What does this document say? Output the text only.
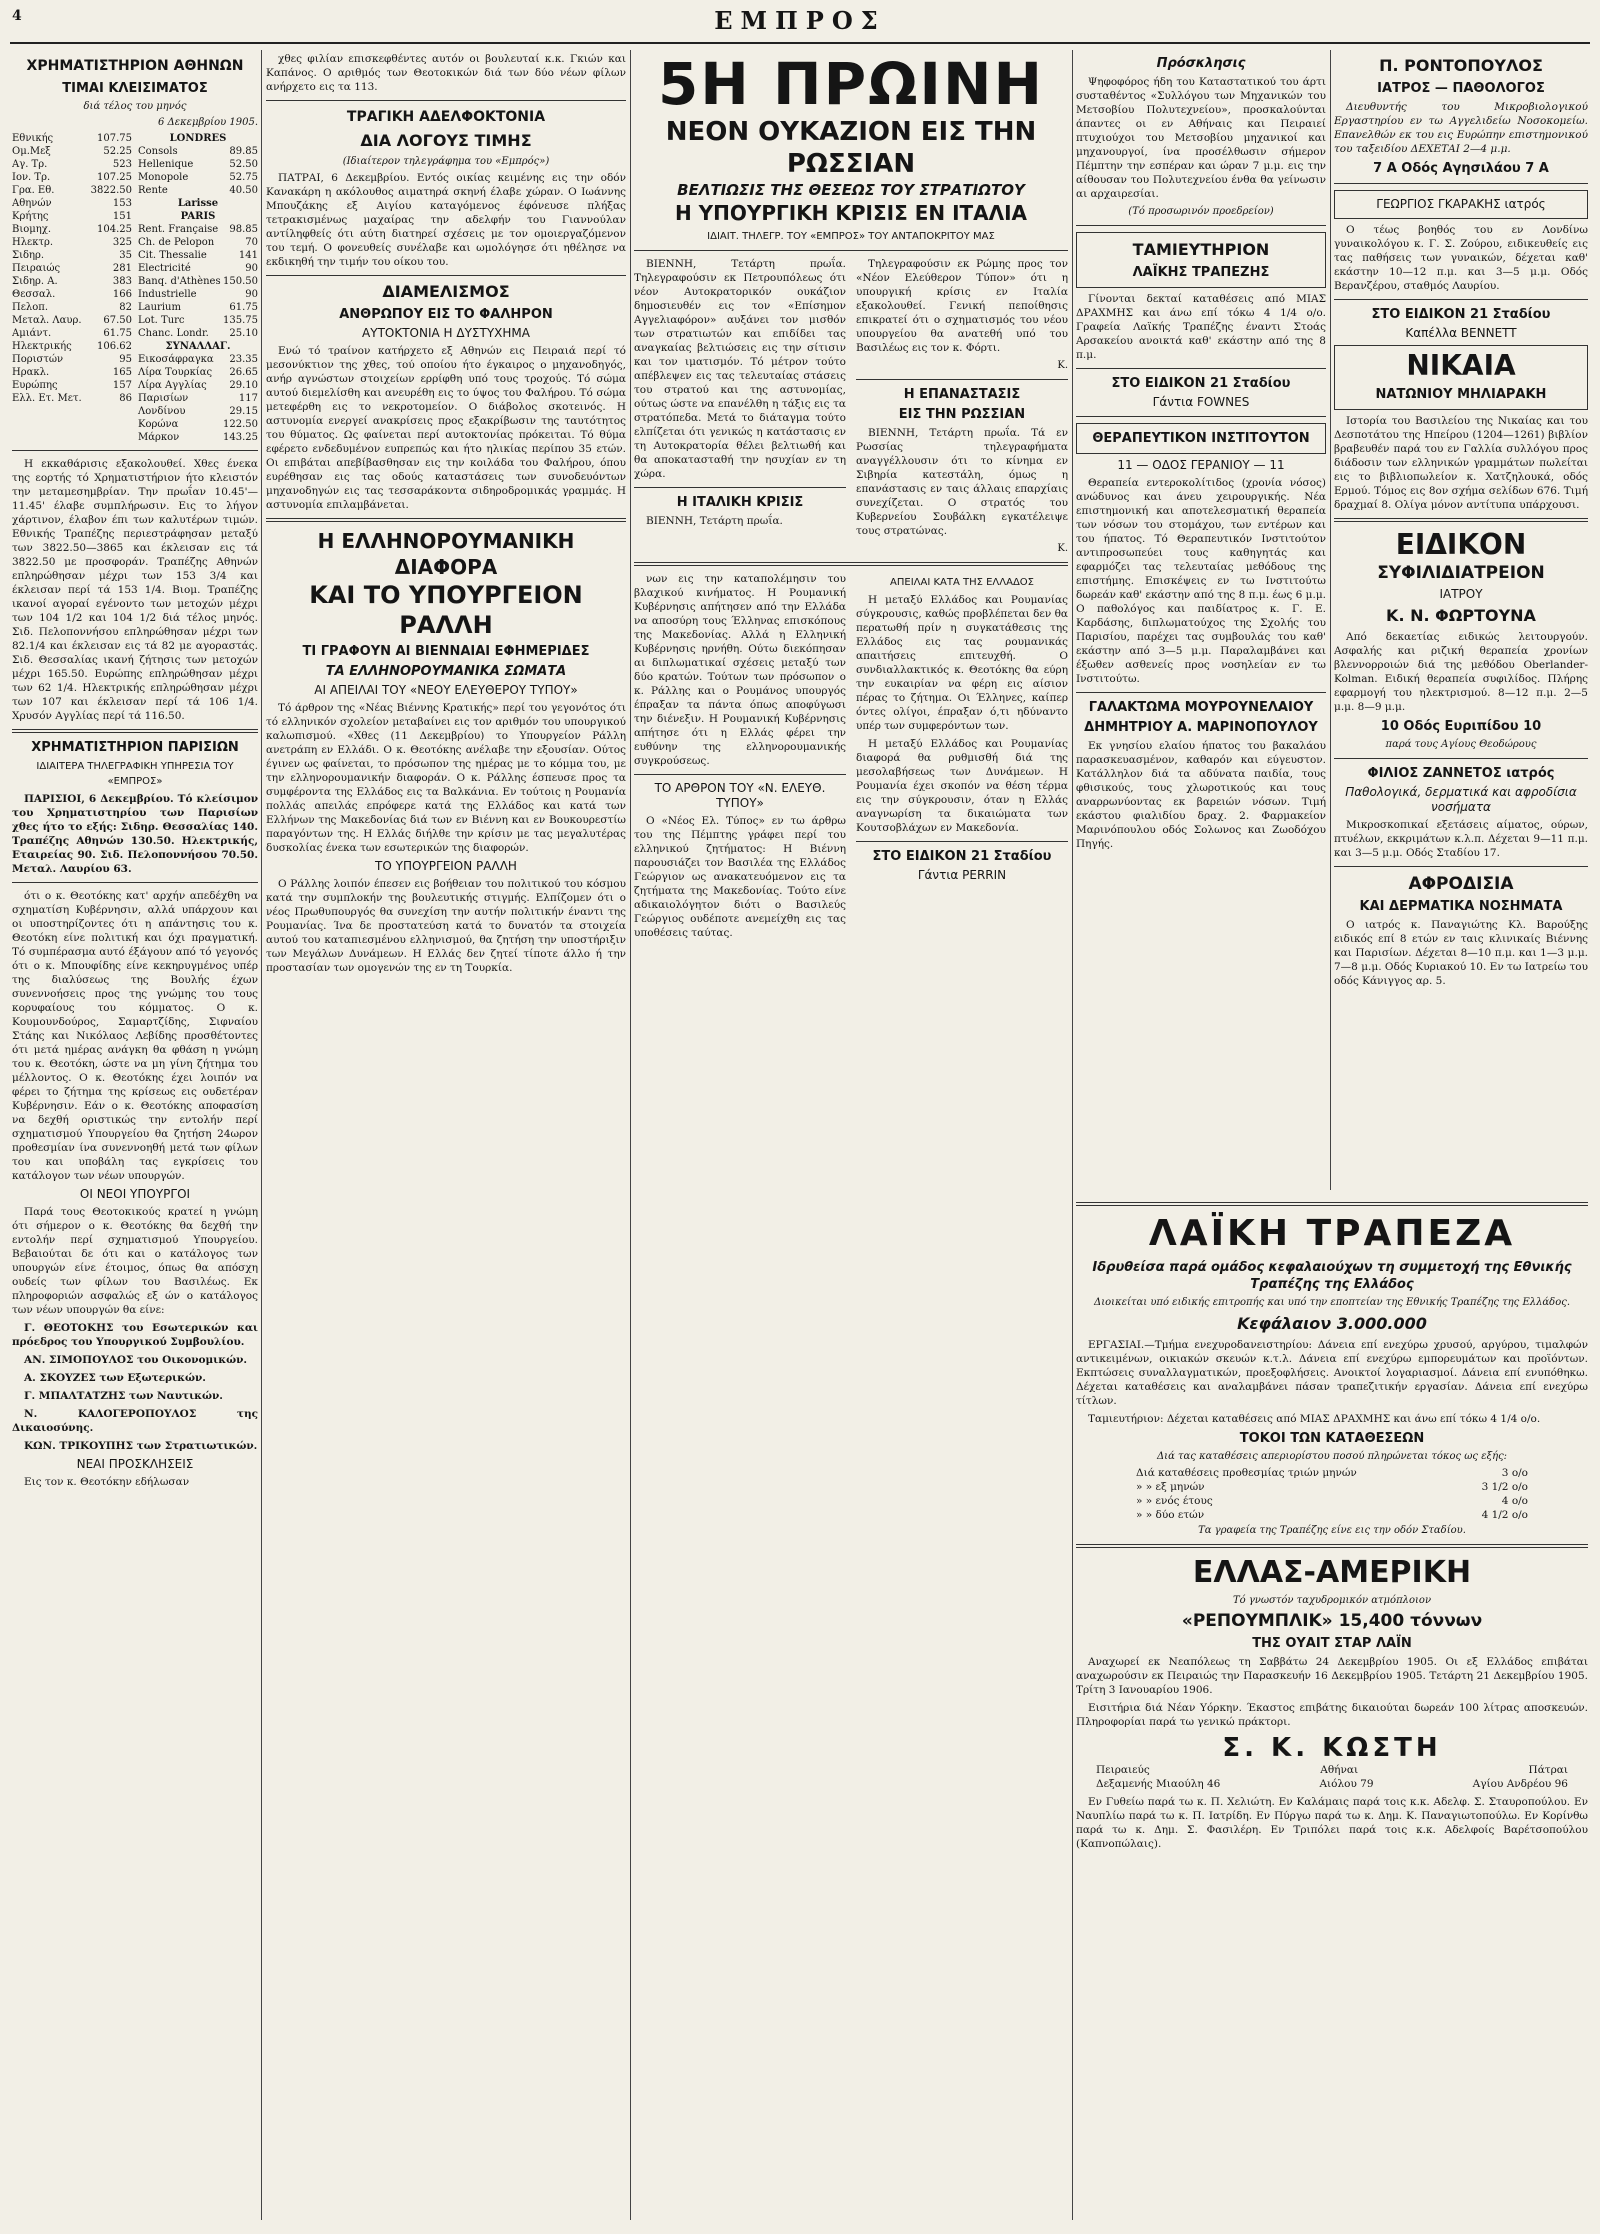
4	ΕΜΠΡΟΣ
ΧΡΗΜΑΤΙΣΤΗΡΙΟΝ ΑΘΗΝΩΝ
ΤΙΜΑΙ ΚΛΕΙΣΙΜΑΤΟΣ
διά τέλος του μηνός
6 Δεκεμβρίου 1905.
Εθνικής	107.75
Ομ.Μεξ	52.25
Αγ. Τρ.	523
Ιον. Τρ.	107.25
Γρα. Εθ.	3822.50
Αθηνών	153
Κρήτης	151
Βιομηχ.	104.25
Ηλεκτρ.	325
Σιδηρ.	35
Πειραιώς	281
Σιδηρ. Α.	383
Θεσσαλ.	166
Πελοπ.	82
Μεταλ. Λαυρ. 67.50
Αμιάντ.	61.75
Ηλεκτρικής	106.62
Ποριστών	95
Ηρακλ.	165
Ευρώπης	157
Ελλ. Ετ. Μετ.	86
LONDRES
Consols	89.85
Hellenique	52.50
Monopole	52.75
Rente	40.50
Larisse
PARIS
Rent. Française 98.85
Ch. de Pelopon	70
Cit. Thessalie	141
Electricité	90
Banq. d'Athènes 150.50
Industrielle	90
Laurium	61.75
Lot. Turc	135.75
Chanc. Londr. 25.10
ΣΥΝΑΛΛΑΓ.
Εικοσάφραγκα 23.35
Λίρα Τουρκίας 26.65
Λίρα Αγγλίας 29.10
Παρισίων	117
Λονδίνου	29.15
Κορώνα	122.50
Μάρκον	143.25

Η εκκαθάρισις εξακολουθεί. Χθες ένεκα της εορτής τό Χρηματιστήριον ήτο κλειστόν την μεταμεσημβρίαν. Την πρωΐαν 10.45'—11.45' έλαβε συμπλήρωσιν. Εις το λήγον χάρτινον, έλαβον έπι των καλυτέρων τιμών. Εθνικής Τραπέζης περιεστράφησαν μεταξύ των 3822.50—3865 και έκλεισαν εις τά 3822.50 με προσφοράν. Τραπέζης Αθηνών επληρώθησαν μέχρι των 153 3/4 και έκλεισαν περί τά 153 1/4. Βιομ. Τραπέζης ικανοί αγοραί εγένοντο των μετοχών μέχρι των 104 1/2 και 104 1/2 διά τέλος μηνός. Σιδ. Πελοποννήσου επληρώθησαν μέχρι των 82.1/4 και έκλεισαν εις τά 82 με αγοραστάς. Σιδ. Θεσσαλίας ικανή ζήτησις των μετοχών μέχρι 165.50. Ευρώπης επληρώθησαν μέχρι των 62 1/4. Ηλεκτρικής επληρώθησαν μέχρι των 107 και έκλεισαν περί τά 106 1/4. Χρυσόν Αγγλίας περί τά 116.50.

ΧΡΗΜΑΤΙΣΤΗΡΙΟΝ ΠΑΡΙΣΙΩΝ
ΙΔΙΑΙΤΕΡΑ ΤΗΛΕΓΡΑΦΙΚΗ ΥΠΗΡΕΣΙΑ ΤΟΥ «ΕΜΠΡΟΣ»

ΠΑΡΙΣΙΟΙ, 6 Δεκεμβρίου. Τό κλείσιμον του Χρηματιστηρίου των Παρισίων χθες ήτο το εξής: Σιδηρ. Θεσσαλίας 140. Τραπέζης Αθηνών 130.50. Ηλεκτρικής, Εταιρείας 90. Σιδ. Πελοποννήσου 70.50. Μεταλ. Λαυρίου 63.

ότι ο κ. Θεοτόκης κατ' αρχήν απεδέχθη να σχηματίση Κυβέρνησιν, αλλά υπάρχουν και οι υποστηρίζοντες ότι η απάντησις του κ. Θεοτόκη είνε πολιτική και όχι πραγματική. Τό συμπέρασμα αυτό έξάγουν από τό γεγονός ότι ο κ. Μπουφίδης είνε κεκηρυγμένος υπέρ της διαλύσεως της Βουλής έχων συνεννοήσεις προς της γνώμης του τους κορυφαίους του κόμματος. Ο κ. Κουμουνδούρος, Σαμαρτζίδης, Σιφναίου Στάης και Νικόλαος Λεβίδης προσθέτοντες ότι μετά ημέρας ανάγκη θα φθάση η γνώμη του κ. Θεοτόκη, ώστε να μη γίνη ζήτημα του μέλλοντος. Ο κ. Θεοτόκης έχει λοιπόν να φέρει το ζήτημα της κρίσεως εις ουδετέραν Κυβέρνησιν. Εάν ο κ. Θεοτόκης αποφασίση να δεχθή οριστικώς την εντολήν περί σχηματισμού Υπουργείου θα ζητήση 24ωρον προθεσμίαν ίνα συνεννοηθή μετά των φίλων του και υποβάλη τας εγκρίσεις του κατάλογον των νέων υπουργών.

ΟΙ ΝΕΟΙ ΥΠΟΥΡΓΟΙ

Παρά τους Θεοτοκικούς κρατεί η γνώμη ότι σήμερον ο κ. Θεοτόκης θα δεχθή την εντολήν περί σχηματισμού Υπουργείου. Βεβαιούται δε ότι και ο κατάλογος των υπουργών είνε έτοιμος, όπως θα απόσχη ουδείς των φίλων του Βασιλέως. Εκ πληροφοριών ασφαλώς εξ ών ο κατάλογος των νέων υπουργών θα είνε:

Γ. ΘΕΟΤΟΚΗΣ του Εσωτερικών και πρόεδρος του Υπουργικού Συμβουλίου.

ΑΝ. ΣΙΜΟΠΟΥΛΟΣ του Οικονομικών.

Α. ΣΚΟΥΖΕΣ των Εξωτερικών.

Γ. ΜΠΑΛΤΑΤΖΗΣ των Ναυτικών.

Ν. ΚΑΛΟΓΕΡΟΠΟΥΛΟΣ της Δικαιοσύνης.

ΚΩΝ. ΤΡΙΚΟΥΠΗΣ των Στρατιωτικών.

ΝΕΑΙ ΠΡΟΣΚΛΗΣΕΙΣ

Εις τον κ. Θεοτόκην εδήλωσαν

χθες φιλίαν επισκεφθέντες αυτόν οι βουλευταί κ.κ. Γκιών και Καπάνος. Ο αριθμός των Θεοτοκικών διά των δύο νέων φίλων ανήρχετο εις τα 113.

ΤΡΑΓΙΚΗ ΑΔΕΛΦΟΚΤΟΝΙΑ
ΔΙΑ ΛΟΓΟΥΣ ΤΙΜΗΣ
(Ιδιαίτερον τηλεγράφημα του «Εμπρός»)

ΠΑΤΡΑΙ, 6 Δεκεμβρίου. Εντός οικίας κειμένης εις την οδόν Κανακάρη η ακόλουθος αιματηρά σκηνή έλαβε χώραν. Ο Ιωάννης Μπουζάκης εξ Αιγίου καταγόμενος έφόνευσε πλήξας τετρακισμένως μαχαίρας την αδελφήν του Γιαννούλαν αντίληφθείς ότι αύτη διατηρεί σχέσεις με τον ομοιεργαζόμενον του τεμή. Ο φονευθείς συνέλαβε και ωμολόγησε ότι ηθέλησε να εκδικηθή την τιμήν του οίκου του.

ΔΙΑΜΕΛΙΣΜΟΣ
ΑΝΘΡΩΠΟΥ ΕΙΣ ΤΟ ΦΑΛΗΡΟΝ
ΑΥΤΟΚΤΟΝΙΑ Η ΔΥΣΤΥΧΗΜΑ

Ενώ τό τραίνον κατήρχετο εξ Αθηνών εις Πειραιά περί τό μεσονύκτιον της χθες, τού οποίου ήτο έγκαιρος ο μηχανοδηγός, ανήρ αγνώστων στοιχείων ερρίφθη υπό τους τροχούς. Τό σώμα αυτού διεμελίσθη και ανευρέθη εις το ύψος του Φαλήρου. Τό σώμα μετεφέρθη εις το νεκροτομείον. Ο διάβολος σκοτεινός. Η αστυνομία ενεργεί ανακρίσεις προς εξακρίβωσιν της ταυτότητος του θύματος. Ως φαίνεται περί αυτοκτονίας πρόκειται. Τό θύμα εφέρετο ενδεδυμένον ευπρεπώς και ήτο ηλικίας περίπου 35 ετών. Οι επιβάται απεβίβασθησαν εις την κοιλάδα του Φαλήρου, όπου ευρέθησαν εις τας οδούς καταστάσεις των συνοδευόντων μηχανοδηγών εις τας τεσσαράκοντα σιδηροδρομικάς γραμμάς. Η αστυνομία επιλαμβάνεται.

Η ΕΛΛΗΝΟΡΟΥΜΑΝΙΚΗ ΔΙΑΦΟΡΑ
ΚΑΙ ΤΟ ΥΠΟΥΡΓΕΙΟΝ ΡΑΛΛΗ
ΤΙ ΓΡΑΦΟΥΝ ΑΙ ΒΙΕΝΝΑΙΑΙ ΕΦΗΜΕΡΙΔΕΣ
ΤΑ ΕΛΛΗΝΟΡΟΥΜΑΝΙΚΑ ΣΩΜΑΤΑ
ΑΙ ΑΠΕΙΛΑΙ ΤΟΥ «ΝΕΟΥ ΕΛΕΥΘΕΡΟΥ ΤΥΠΟΥ»

Τό άρθρον της «Νέας Βιέννης Κρατικής» περί του γεγονότος ότι τό ελληνικόν σχολείον μεταβαίνει εις τον αριθμόν του υπουργικού καλωπισμού. «Χθες (11 Δεκεμβρίου) το Υπουργείον Ράλλη ανετράπη εν Ελλάδι. Ο κ. Θεοτόκης ανέλαβε την εξουσίαν. Ούτος έγινεν ως φαίνεται, το πρόσωπον της ημέρας με το κόμμα του, με την ελληνορουμανικήν διαφοράν. Ο κ. Ράλλης έσπευσε προς τα συμφέροντα της Ελλάδος εις τα Βαλκάνια. Εν τούτοις η Ρουμανία πολλάς απειλάς επρόφερε κατά της Ελλάδος και κατά των Ελλήνων της Μακεδονίας διά των εν Βιέννη και εν Βουκουρεστίω παραγόντων της. Η Ελλάς διήλθε την κρίσιν με τας μεγαλυτέρας δυσκολίας ένεκα των εσωτερικών της διαφορών.

ΤΟ ΥΠΟΥΡΓΕΙΟΝ ΡΑΛΛΗ

Ο Ράλλης λοιπόν έπεσεν εις βοήθειαν του πολιτικού του κόσμου κατά την συμπλοκήν της βουλευτικής στιγμής. Ελπίζομεν ότι ο νέος Πρωθυπουργός θα συνεχίση την αυτήν πολιτικήν έναντι της Ρουμανίας. Ίνα δε προστατεύση κατά το δυνατόν τα στοιχεία αυτού του καταπιεσμένου ελληνισμού, θα ζητήση την υποστήριξιν των Μεγάλων Δυνάμεων. Η Ελλάς δεν ζητεί τίποτε άλλο ή την προστασίαν των ομογενών της εν τη Τουρκία.

5Η ΠΡΩΙΝΗ
ΝΕΟΝ ΟΥΚΑΖΙΟΝ ΕΙΣ ΤΗΝ ΡΩΣΣΙΑΝ
ΒΕΛΤΙΩΣΙΣ ΤΗΣ ΘΕΣΕΩΣ ΤΟΥ ΣΤΡΑΤΙΩΤΟΥ
Η ΥΠΟΥΡΓΙΚΗ ΚΡΙΣΙΣ ΕΝ ΙΤΑΛΙΑ
ΙΔΙΑΙΤ. ΤΗΛΕΓΡ. ΤΟΥ «ΕΜΠΡΟΣ» ΤΟΥ ΑΝΤΑΠΟΚΡΙΤΟΥ ΜΑΣ

ΒΙΕΝΝΗ, Τετάρτη πρωΐα. Τηλεγραφούσιν εκ Πετρουπόλεως ότι νέον Αυτοκρατορικόν ουκάζιον δημοσιευθέν εις τον «Επίσημον Αγγελιαφόρον» αυξάνει τον μισθόν των στρατιωτών και επιδίδει τας αναγκαίας βελτιώσεις εις την σίτισιν και τον ιματισμόν. Τό μέτρον τούτο απέβλεψεν εις τας τελευταίας στάσεις του στρατού και της αστυνομίας, ούτως ώστε να επανέλθη η τάξις εις τα στρατόπεδα. Μετά το διάταγμα τούτο ελπίζεται ότι γενικώς η κατάστασις εν τη Αυτοκρατορία θέλει βελτιωθή και θα αποκατασταθή την ησυχίαν εν τη χώρα.

Η ΙΤΑΛΙΚΗ ΚΡΙΣΙΣ

ΒΙΕΝΝΗ, Τετάρτη πρωΐα.

Τηλεγραφούσιν εκ Ρώμης προς τον «Νέον Ελεύθερον Τύπον» ότι η υπουργική κρίσις εν Ιταλία εξακολουθεί. Γενική πεποίθησις επικρατεί ότι ο σχηματισμός του νέου υπουργείου θα ανατεθή υπό του Βασιλέως εις τον κ. Φόρτι.

Κ.
Η ΕΠΑΝΑΣΤΑΣΙΣ
ΕΙΣ ΤΗΝ ΡΩΣΣΙΑΝ

ΒΙΕΝΝΗ, Τετάρτη πρωΐα. Τά εν Ρωσσίας τηλεγραφήματα αναγγέλλουσιν ότι το κίνημα εν Σιβηρία κατεστάλη, όμως η επανάστασις εν ταις άλλαις επαρχίαις συνεχίζεται. Ο στρατός του Κυβερνείου Σουβάλκη εγκατέλειψε τους στρατώνας.

Κ.

νων εις την καταπολέμησιν του βλαχικού κινήματος. Η Ρουμανική Κυβέρνησις απήτησεν από την Ελλάδα να αποσύρη τους Έλληνας επισκόπους της Μακεδονίας. Αλλά η Ελληνική Κυβέρνησις ηρνήθη. Ούτω διεκόπησαν αι διπλωματικαί σχέσεις μεταξύ των δύο κρατών. Τούτων των πρόσωπον ο κ. Ράλλης και ο Ρουμάνος υπουργός έπραξαν τα πάντα όπως αποφύγωσι την διένεξιν. Η Ρουμανική Κυβέρνησις απήτησε ότι η Ελλάς φέρει την ευθύνην της ελληνορουμανικής συγκρούσεως.

ΤΟ ΑΡΘΡΟΝ ΤΟΥ «Ν. ΕΛΕΥΘ. ΤΥΠΟΥ»

Ο «Νέος Ελ. Τύπος» εν τω άρθρω του της Πέμπτης γράφει περί του ελληνικού ζητήματος: Η Βιέννη παρουσιάζει τον Βασιλέα της Ελλάδος Γεώργιον ως ανακατευόμενον εις τα ζητήματα της Μακεδονίας. Τούτο είνε αδικαιολόγητον διότι ο Βασιλεύς Γεώργιος ουδέποτε ανεμείχθη εις τας υποθέσεις ταύτας.

ΑΠΕΙΛΑΙ ΚΑΤΑ ΤΗΣ ΕΛΛΑΔΟΣ

Η μεταξύ Ελλάδος και Ρουμανίας σύγκρουσις, καθώς προβλέπεται δεν θα περατωθή πρίν η συγκατάθεσις της Ελλάδος εις τας ρουμανικάς απαιτήσεις επιτευχθή. Ο συνδιαλλακτικός κ. Θεοτόκης θα εύρη την ευκαιρίαν να φέρη εις αίσιον πέρας το ζήτημα. Οι Έλληνες, καίπερ όντες ολίγοι, έπραξαν ό,τι ηδύναντο υπέρ των συμφερόντων των.

Η μεταξύ Ελλάδος και Ρουμανίας διαφορά θα ρυθμισθή διά της μεσολαβήσεως των Δυνάμεων. Η Ρουμανία έχει σκοπόν να θέση τέρμα εις την σύγκρουσιν, όταν η Ελλάς αναγνωρίση τα δικαιώματα των Κουτσοβλάχων εν Μακεδονία.

ΣΤΟ ΕΙΔΙΚΟΝ 21 Σταδίου
Γάντια PERRIN
Πρόσκλησις

Ψηφοφόρος ήδη του Καταστατικού του άρτι συσταθέντος «Συλλόγου των Μηχανικών του Μετσοβίου Πολυτεχνείου», προσκαλούνται άπαντες οι εν Αθήναις και Πειραιεί πτυχιούχοι του Μετσοβίου μηχανικοί και μηχανουργοί, ίνα προσέλθωσιν σήμερον Πέμπτην την εσπέραν και ώραν 7 μ.μ. εις την αίθουσαν του Πολυτεχνείου ένθα θα γείνωσιν αι αρχαιρεσίαι.

(Τό προσωρινόν προεδρείον)
ΤΑΜΙΕΥΤΗΡΙΟΝ
ΛΑΪΚΗΣ ΤΡΑΠΕΖΗΣ

Γίνονται δεκταί καταθέσεις από ΜΙΑΣ ΔΡΑΧΜΗΣ και άνω επί τόκω 4 1/4 ο/ο. Γραφεία Λαϊκής Τραπέζης έναντι Στοάς Αρσακείου ανοικτά καθ' εκάστην από της 8 π.μ.

ΣΤΟ ΕΙΔΙΚΟΝ 21 Σταδίου
Γάντια FOWNES
ΘΕΡΑΠΕΥΤΙΚΟΝ ΙΝΣΤΙΤΟΥΤΟΝ
11 — ΟΔΟΣ ΓΕΡΑΝΙΟΥ — 11

Θεραπεία εντεροκολίτιδος (χρονία νόσος) ανώδυνος και άνευ χειρουργικής. Νέα επιστημονική και αποτελεσματική θεραπεία των νόσων του στομάχου, των εντέρων και του ήπατος. Τό Θεραπευτικόν Ινστιτούτον αντιπροσωπεύει τους καθηγητάς και εφαρμόζει τας τελευταίας μεθόδους της επιστήμης. Επισκέψεις εν τω Ινστιτούτω δωρεάν καθ' εκάστην από της 8 π.μ. έως 6 μ.μ. Ο παθολόγος και παιδίατρος κ. Γ. Ε. Καρδάσης, διπλωματούχος της Σχολής του Παρισίου, παρέχει τας συμβουλάς του καθ' εκάστην από 3—5 μ.μ. Παραλαμβάνει και έξωθεν ασθενείς προς νοσηλείαν εν τω Ινστιτούτω.

ΓΑΛΑΚΤΩΜΑ ΜΟΥΡΟΥΝΕΛΑΙΟΥ
ΔΗΜΗΤΡΙΟΥ Α. ΜΑΡΙΝΟΠΟΥΛΟΥ

Εκ γνησίου ελαίου ήπατος του βακαλάου παρασκευασμένον, καθαρόν και εύγευστον. Κατάλληλον διά τα αδύνατα παιδία, τους φθισικούς, τους χλωροτικούς και τους αναρρωνύοντας εκ βαρειών νόσων. Τιμή εκάστου φιαλιδίου δραχ. 2. Φαρμακείον Μαρινόπουλου οδός Σολωνος και Ζωοδόχου Πηγής.

Π. ΡΟΝΤΟΠΟΥΛΟΣ
ΙΑΤΡΟΣ — ΠΑΘΟΛΟΓΟΣ

Διευθυντής του Μικροβιολογικού Εργαστηρίου εν τω Αγγελιδείω Νοσοκομείω. Επανελθών εκ του εις Ευρώπην επιστημονικού του ταξειδίου ΔΕΧΕΤΑΙ 2—4 μ.μ.

7 Α Οδός Αγησιλάου 7 Α
ΓΕΩΡΓΙΟΣ ΓΚΑΡΑΚΗΣ ιατρός

Ο τέως βοηθός του εν Λονδίνω γυναικολόγου κ. Γ. Σ. Ζούρου, ειδικευθείς εις τας παθήσεις των γυναικών, δέχεται καθ' εκάστην 10—12 π.μ. και 3—5 μ.μ. Οδός Βερανζέρου, σταθμός Λαυρίου.

ΣΤΟ ΕΙΔΙΚΟΝ 21 Σταδίου
Καπέλλα BENNETT
ΝΙΚΑΙΑ
ΝΑΤΩΝΙΟΥ ΜΗΛΙΑΡΑΚΗ

Ιστορία του Βασιλείου της Νικαίας και του Δεσποτάτου της Ηπείρου (1204—1261) βιβλίον βραβευθέν παρά του εν Γαλλία συλλόγου προς διάδοσιν των ελληνικών γραμμάτων πωλείται εις το βιβλιοπωλείον κ. Χατζηλουκά, οδός Ερμού. Τόμος εις 8ον σχήμα σελίδων 676. Τιμή δραχμαί 8. Ολίγα μόνον αντίτυπα υπάρχουσι.

ΕΙΔΙΚΟΝ
ΣΥΦΙΛΙΔΙΑΤΡΕΙΟΝ
ΙΑΤΡΟΥ
Κ. Ν. ΦΩΡΤΟΥΝΑ

Από δεκαετίας ειδικώς λειτουργούν. Ασφαλής και ριζική θεραπεία χρονίων βλεννορροιών διά της μεθόδου Oberlander-Kolman. Ειδική θεραπεία συφιλίδος. Πλήρης εφαρμογή του ηλεκτρισμού. 8—12 π.μ. 2—5 μ.μ. 8—9 μ.μ.

10 Οδός Ευριπίδου 10
παρά τους Αγίους Θεοδώρους
ΦΙΛΙΟΣ ΖΑΝΝΕΤΟΣ ιατρός
Παθολογικά, δερματικά και αφροδίσια νοσήματα

Μικροσκοπικαί εξετάσεις αίματος, ούρων, πτυέλων, εκκριμάτων κ.λ.π. Δέχεται 9—11 π.μ. και 3—5 μ.μ. Οδός Σταδίου 17.

ΑΦΡΟΔΙΣΙΑ
ΚΑΙ ΔΕΡΜΑΤΙΚΑ ΝΟΣΗΜΑΤΑ

Ο ιατρός κ. Παναγιώτης Κλ. Βαρούξης ειδικός επί 8 ετών εν ταις κλινικαίς Βιέννης και Παρισίων. Δέχεται 8—10 π.μ. και 1—3 μ.μ. 7—8 μ.μ. Οδός Κυριακού 10. Εν τω Ιατρείω του οδός Κάνιγγος αρ. 5.

ΛΑΪΚΗ ΤΡΑΠΕΖΑ
Ιδρυθείσα παρά ομάδος κεφαλαιούχων τη συμμετοχή της Εθνικής Τραπέζης της Ελλάδος
Διοικείται υπό ειδικής επιτροπής και υπό την εποπτείαν της Εθνικής Τραπέζης της Ελλάδος.
Κεφάλαιον 3.000.000

ΕΡΓΑΣΙΑΙ.—Τμήμα ενεχυροδανειστηρίου: Δάνεια επί ενεχύρω χρυσού, αργύρου, τιμαλφών αντικειμένων, οικιακών σκευών κ.τ.λ. Δάνεια επί ενεχύρω εμπορευμάτων και προϊόντων. Εκπτώσεις συναλλαγματικών, προεξοφλήσεις. Ανοικτοί λογαριασμοί. Δάνεια επί ενυπόθηκω. Δέχεται καταθέσεις και αναλαμβάνει πάσαν τραπεζιτικήν εργασίαν. Δάνεια επί ενεχύρω τίτλων.

Ταμιευτήριον: Δέχεται καταθέσεις από ΜΙΑΣ ΔΡΑΧΜΗΣ και άνω επί τόκω 4 1/4 ο/ο.

ΤΟΚΟΙ ΤΩΝ ΚΑΤΑΘΕΣΕΩΝ
Διά τας καταθέσεις απεριορίστου ποσού πληρώνεται τόκος ως εξής:
Διά καταθέσεις προθεσμίας τριών μηνών	3 ο/ο
» » εξ μηνών	3 1/2 ο/ο
» » ενός έτους	4 ο/ο
» » δύο ετών	4 1/2 ο/ο
Τα γραφεία της Τραπέζης είνε εις την οδόν Σταδίου.
ΕΛΛΑΣ-ΑΜΕΡΙΚΗ
Τό γνωστόν ταχυδρομικόν ατμόπλοιον
«ΡΕΠΟΥΜΠΛΙΚ» 15,400 τόννων
ΤΗΣ ΟΥΑΙΤ ΣΤΑΡ ΛΑΪΝ

Αναχωρεί εκ Νεαπόλεως τη Σαββάτω 24 Δεκεμβρίου 1905. Οι εξ Ελλάδος επιβάται αναχωρούσιν εκ Πειραιώς την Παρασκευήν 16 Δεκεμβρίου 1905. Τετάρτη 21 Δεκεμβρίου 1905. Τρίτη 3 Ιανουαρίου 1906.

Εισιτήρια διά Νέαν Υόρκην. Έκαστος επιβάτης δικαιούται δωρεάν 100 λίτρας αποσκευών. Πληροφορίαι παρά τω γενικώ πράκτορι.

Σ. Κ. ΚΩΣΤΗ
Πειραιεύς	Αθήναι	Πάτραι
Δεξαμενής Μιαούλη 46	Αιόλου 79	Αγίου Ανδρέου 96

Εν Γυθείω παρά τω κ. Π. Χελιώτη. Εν Καλάμαις παρά τοις κ.κ. Αδελφ. Σ. Σταυροπούλου. Εν Ναυπλίω παρά τω κ. Π. Ιατρίδη. Εν Πύργω παρά τω κ. Δημ. Κ. Παναγιωτοπούλω. Εν Κορίνθω παρά τω κ. Δημ. Σ. Φασιλέρη. Εν Τριπόλει παρά τοις κ.κ. Αδελφοίς Βαρέτσοπούλου (Καπνοπώλαις).
